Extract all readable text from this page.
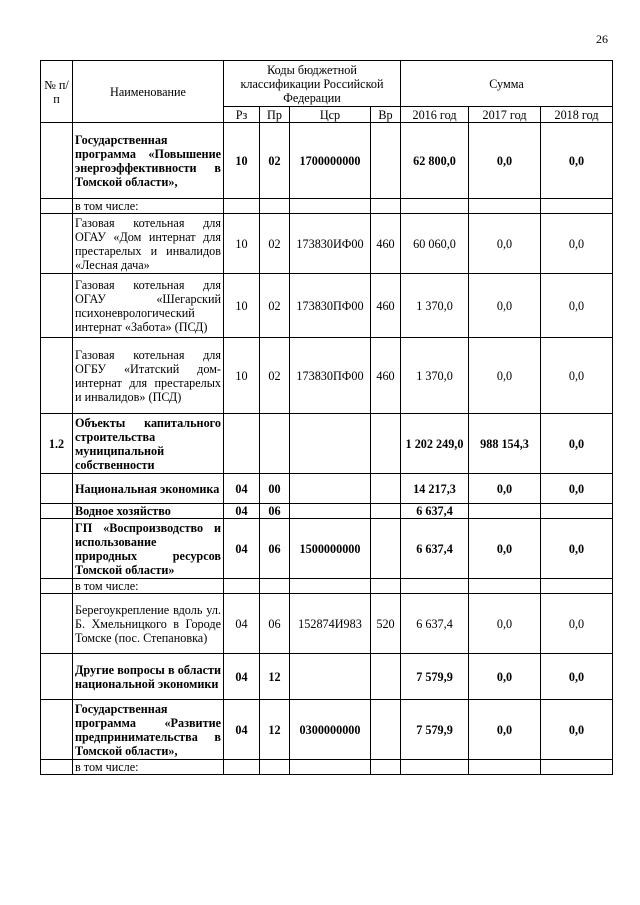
26
№ п/п	Наименование	Коды бюджетной классификации Российской Федерации				Сумма		
		Рз	Пр	Цср	Вр	2016 год	2017 год	2018 год
	Государственная программа «Повышение энергоэффективности в Томской области»,	10	02	1700000000		62 800,0	0,0	0,0
	в том числе:							
	Газовая котельная для ОГАУ «Дом интернат для престарелых и инвалидов «Лесная дача»	10	02	173830ИФ00	460	60 060,0	0,0	0,0
	Газовая котельная для ОГАУ «Шегарский психоневрологический интернат «Забота» (ПСД)	10	02	173830ПФ00	460	1 370,0	0,0	0,0
	Газовая котельная для ОГБУ «Итатский дом-интернат для престарелых и инвалидов» (ПСД)	10	02	173830ПФ00	460	1 370,0	0,0	0,0
1.2	Объекты капитального строительства муниципальной собственности					1 202 249,0	988 154,3	0,0
	Национальная экономика	04	00			14 217,3	0,0	0,0
	Водное хозяйство	04	06			6 637,4		
	ГП «Воспроизводство и использование природных ресурсов Томской области»	04	06	1500000000		6 637,4	0,0	0,0
	в том числе:							
	Берегоукрепление вдоль ул. Б. Хмельницкого в Городе Томске (пос. Степановка)	04	06	152874И983	520	6 637,4	0,0	0,0
	Другие вопросы в области национальной экономики	04	12			7 579,9	0,0	0,0
	Государственная программа «Развитие предпринимательства в Томской области»,	04	12	0300000000		7 579,9	0,0	0,0
	в том числе:							
